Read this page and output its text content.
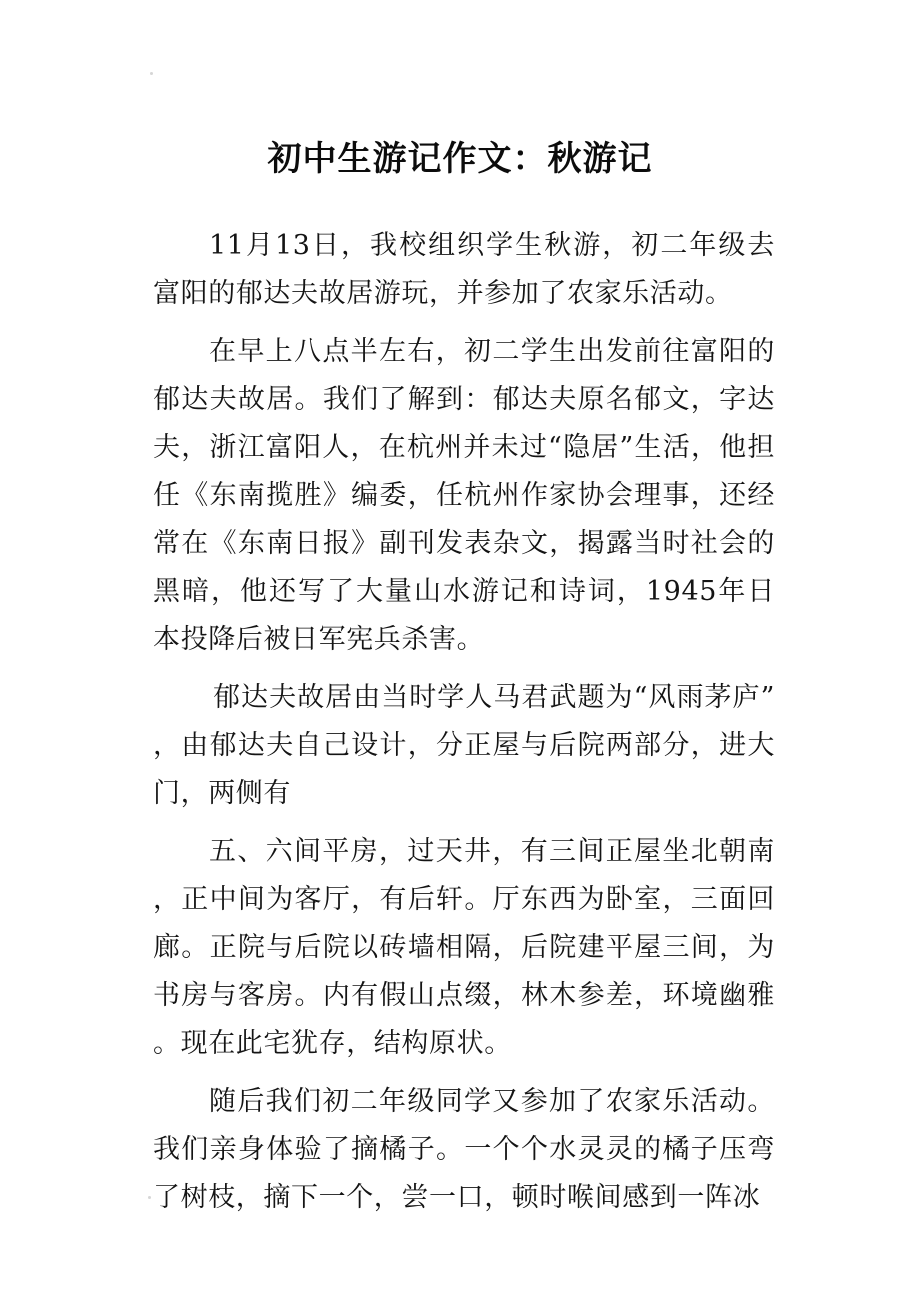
初中生游记作文：秋游记

11月13日，我校组织学生秋游，初二年级去富阳的郁达夫故居游玩，并参加了农家乐活动。

在早上八点半左右，初二学生出发前往富阳的郁达夫故居。我们了解到：郁达夫原名郁文，字达夫，浙江富阳人，在杭州并未过“隐居”生活，他担任《东南揽胜》编委，任杭州作家协会理事，还经常在《东南日报》副刊发表杂文，揭露当时社会的黑暗，他还写了大量山水游记和诗词，1945年日本投降后被日军宪兵杀害。

郁达夫故居由当时学人马君武题为“风雨茅庐”，由郁达夫自己设计，分正屋与后院两部分，进大门，两侧有

五、六间平房，过天井，有三间正屋坐北朝南，正中间为客厅，有后轩。厅东西为卧室，三面回廊。正院与后院以砖墙相隔，后院建平屋三间，为书房与客房。内有假山点缀，林木参差，环境幽雅。现在此宅犹存，结构原状。

随后我们初二年级同学又参加了农家乐活动。我们亲身体验了摘橘子。一个个水灵灵的橘子压弯了树枝，摘下一个，尝一口，顿时喉间感到一阵冰
